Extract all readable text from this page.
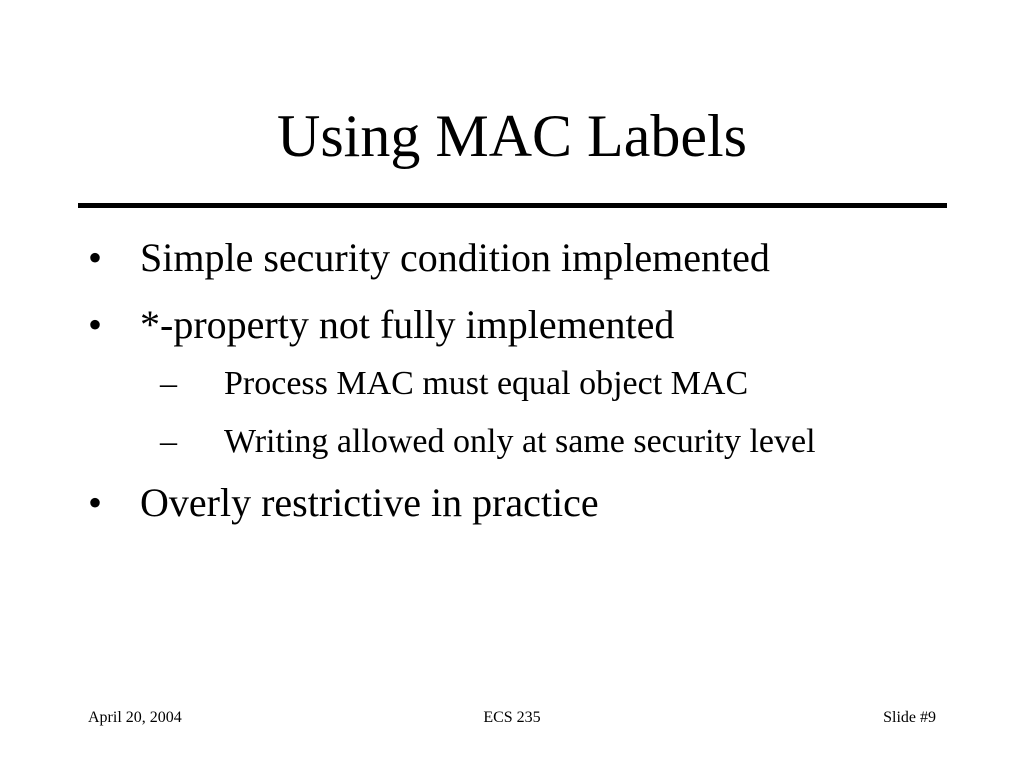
Using MAC Labels
• Simple security condition implemented
• *-property not fully implemented
– Process MAC must equal object MAC
– Writing allowed only at same security level
• Overly restrictive in practice
April 20, 2004	ECS 235	Slide #9
